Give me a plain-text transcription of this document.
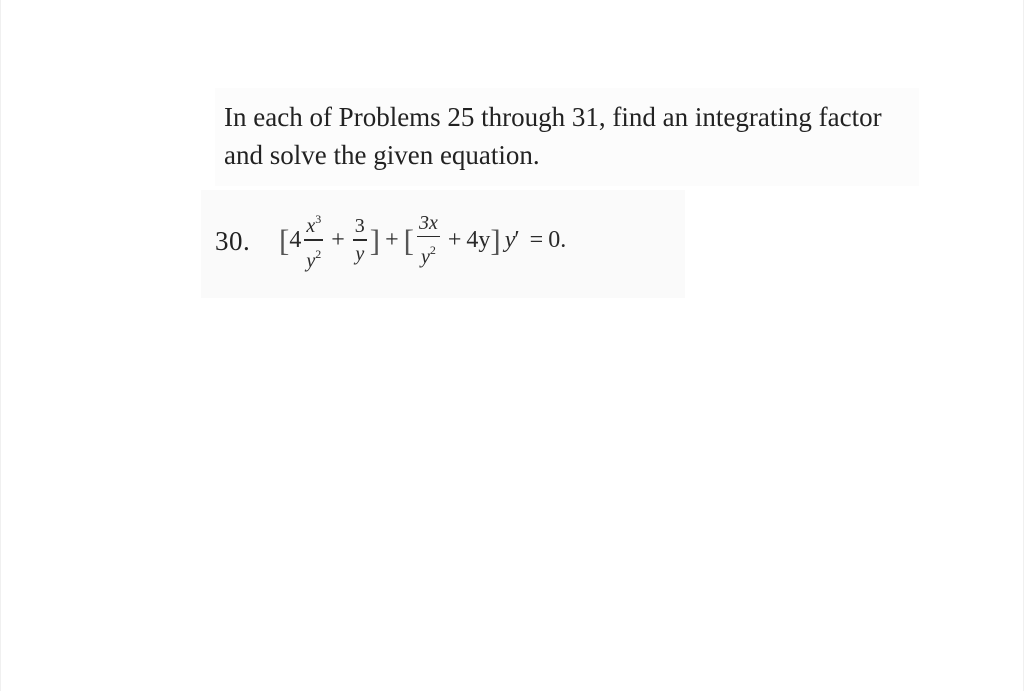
In each of Problems 25 through 31, find an integrating factor
and solve the given equation.
30. [ $4 \frac{x^3}{y^2} + \frac{3}{y}$ ] + [ $\frac{3x}{y^2} + 4y$ ] y ′ = 0.
